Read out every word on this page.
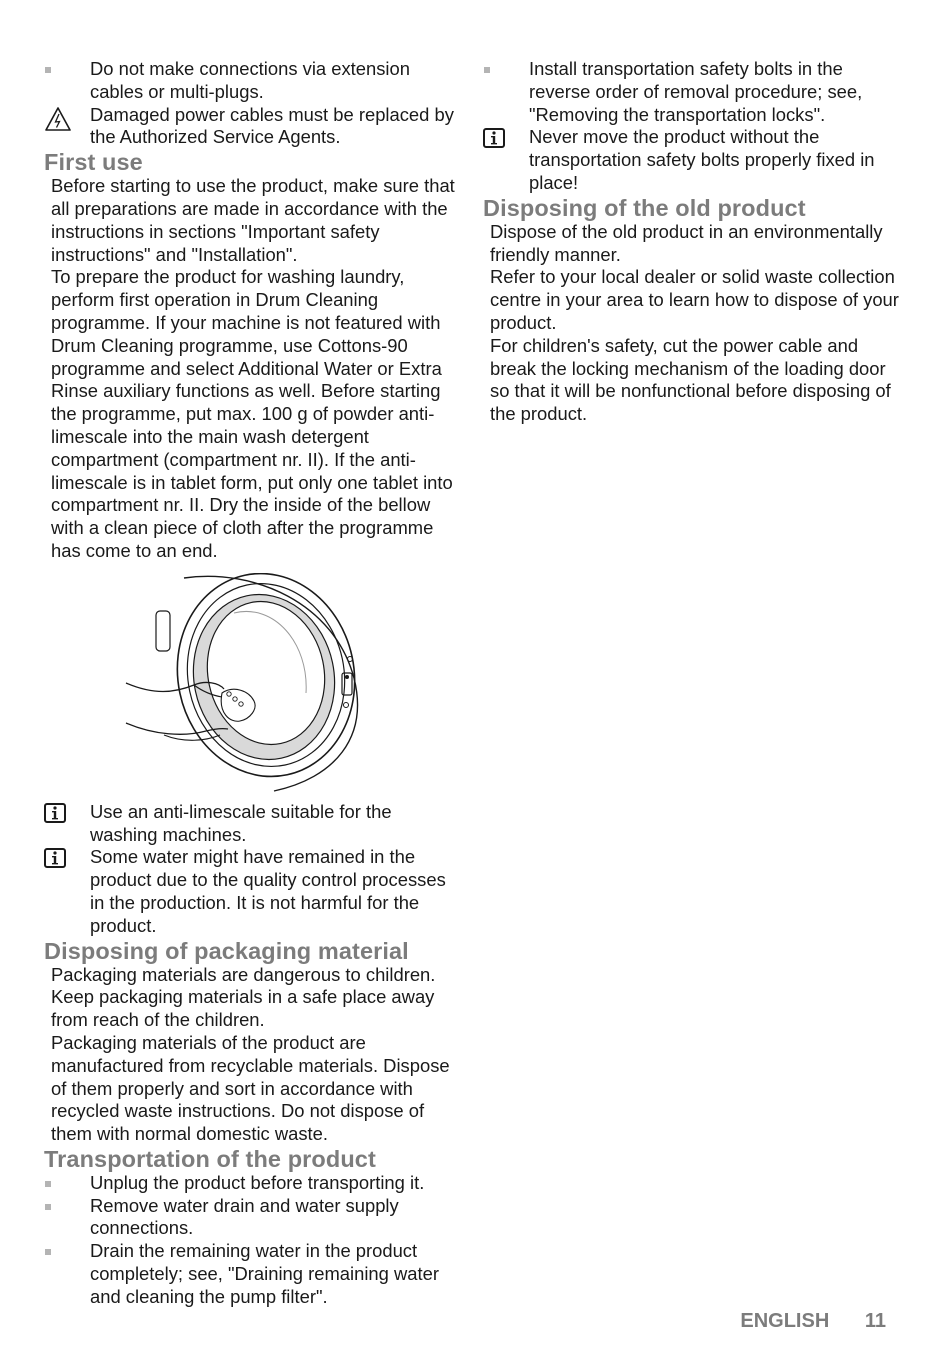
Do not make connections via extension cables or multi-plugs.
Damaged power cables must be replaced by the Authorized Service Agents.
First use
Before starting to use the product, make sure that all preparations are made in accordance with the instructions in sections "Important safety instructions" and "Installation".
To prepare the product for washing laundry, perform first operation in Drum Cleaning programme. If your machine is not featured with Drum Cleaning programme, use Cottons-90 programme and select Additional Water or Extra Rinse auxiliary functions as well. Before starting the programme, put max. 100 g of powder anti-limescale into the main wash detergent compartment (compartment nr. II). If the anti-limescale is in tablet form, put only one tablet into compartment nr. II. Dry the inside of the bellow with a clean piece of cloth after the programme has come to an end.
Use an anti-limescale suitable for the washing machines.
Some water might have remained in the product due to the quality control processes in the production. It is not harmful for the product.
Disposing of packaging material
Packaging materials are dangerous to children. Keep packaging materials in a safe place away from reach of the children.
Packaging materials of the product are manufactured from recyclable materials. Dispose of them properly and sort in accordance with recycled waste instructions. Do not dispose of them with normal domestic waste.
Transportation of the product
Unplug the product before transporting it.
Remove water drain and water supply connections.
Drain the remaining water in the product completely; see, "Draining remaining water and cleaning the pump filter".
Install transportation safety bolts in the reverse order of removal procedure; see, "Removing the transportation locks".
Never move the product without the transportation safety bolts properly fixed in place!
Disposing of the old product
Dispose of the old product in an environmentally friendly manner.
Refer to your local dealer or solid waste collection centre in your area to learn how to dispose of your product.
For children's safety, cut the power cable and break the locking mechanism of the loading door so that it will be nonfunctional before disposing of the product.
ENGLISH 11
